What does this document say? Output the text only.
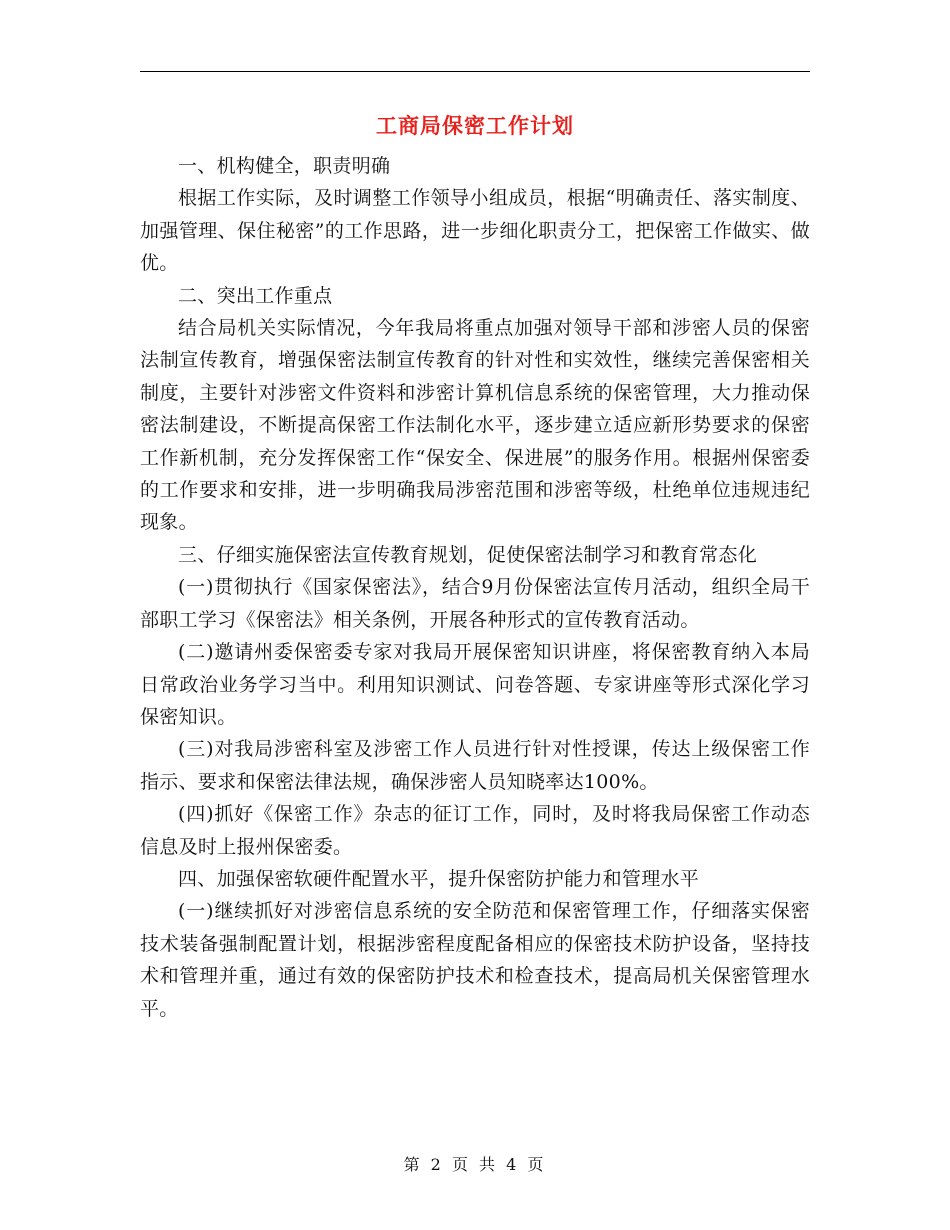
工商局保密工作计划

一、机构健全，职责明确

根据工作实际，及时调整工作领导小组成员，根据“明确责任、落实制度、加强管理、保住秘密”的工作思路，进一步细化职责分工，把保密工作做实、做优。

二、突出工作重点

结合局机关实际情况，今年我局将重点加强对领导干部和涉密人员的保密法制宣传教育，增强保密法制宣传教育的针对性和实效性，继续完善保密相关制度，主要针对涉密文件资料和涉密计算机信息系统的保密管理，大力推动保密法制建设，不断提高保密工作法制化水平，逐步建立适应新形势要求的保密工作新机制，充分发挥保密工作“保安全、保进展”的服务作用。根据州保密委的工作要求和安排，进一步明确我局涉密范围和涉密等级，杜绝单位违规违纪现象。

三、仔细实施保密法宣传教育规划，促使保密法制学习和教育常态化

(一)贯彻执行《国家保密法》，结合9月份保密法宣传月活动，组织全局干部职工学习《保密法》相关条例，开展各种形式的宣传教育活动。

(二)邀请州委保密委专家对我局开展保密知识讲座，将保密教育纳入本局日常政治业务学习当中。利用知识测试、问卷答题、专家讲座等形式深化学习保密知识。

(三)对我局涉密科室及涉密工作人员进行针对性授课，传达上级保密工作指示、要求和保密法律法规，确保涉密人员知晓率达100%。

(四)抓好《保密工作》杂志的征订工作，同时，及时将我局保密工作动态信息及时上报州保密委。

四、加强保密软硬件配置水平，提升保密防护能力和管理水平

(一)继续抓好对涉密信息系统的安全防范和保密管理工作，仔细落实保密技术装备强制配置计划，根据涉密程度配备相应的保密技术防护设备，坚持技术和管理并重，通过有效的保密防护技术和检查技术，提高局机关保密管理水平。

第 2 页 共 4 页
